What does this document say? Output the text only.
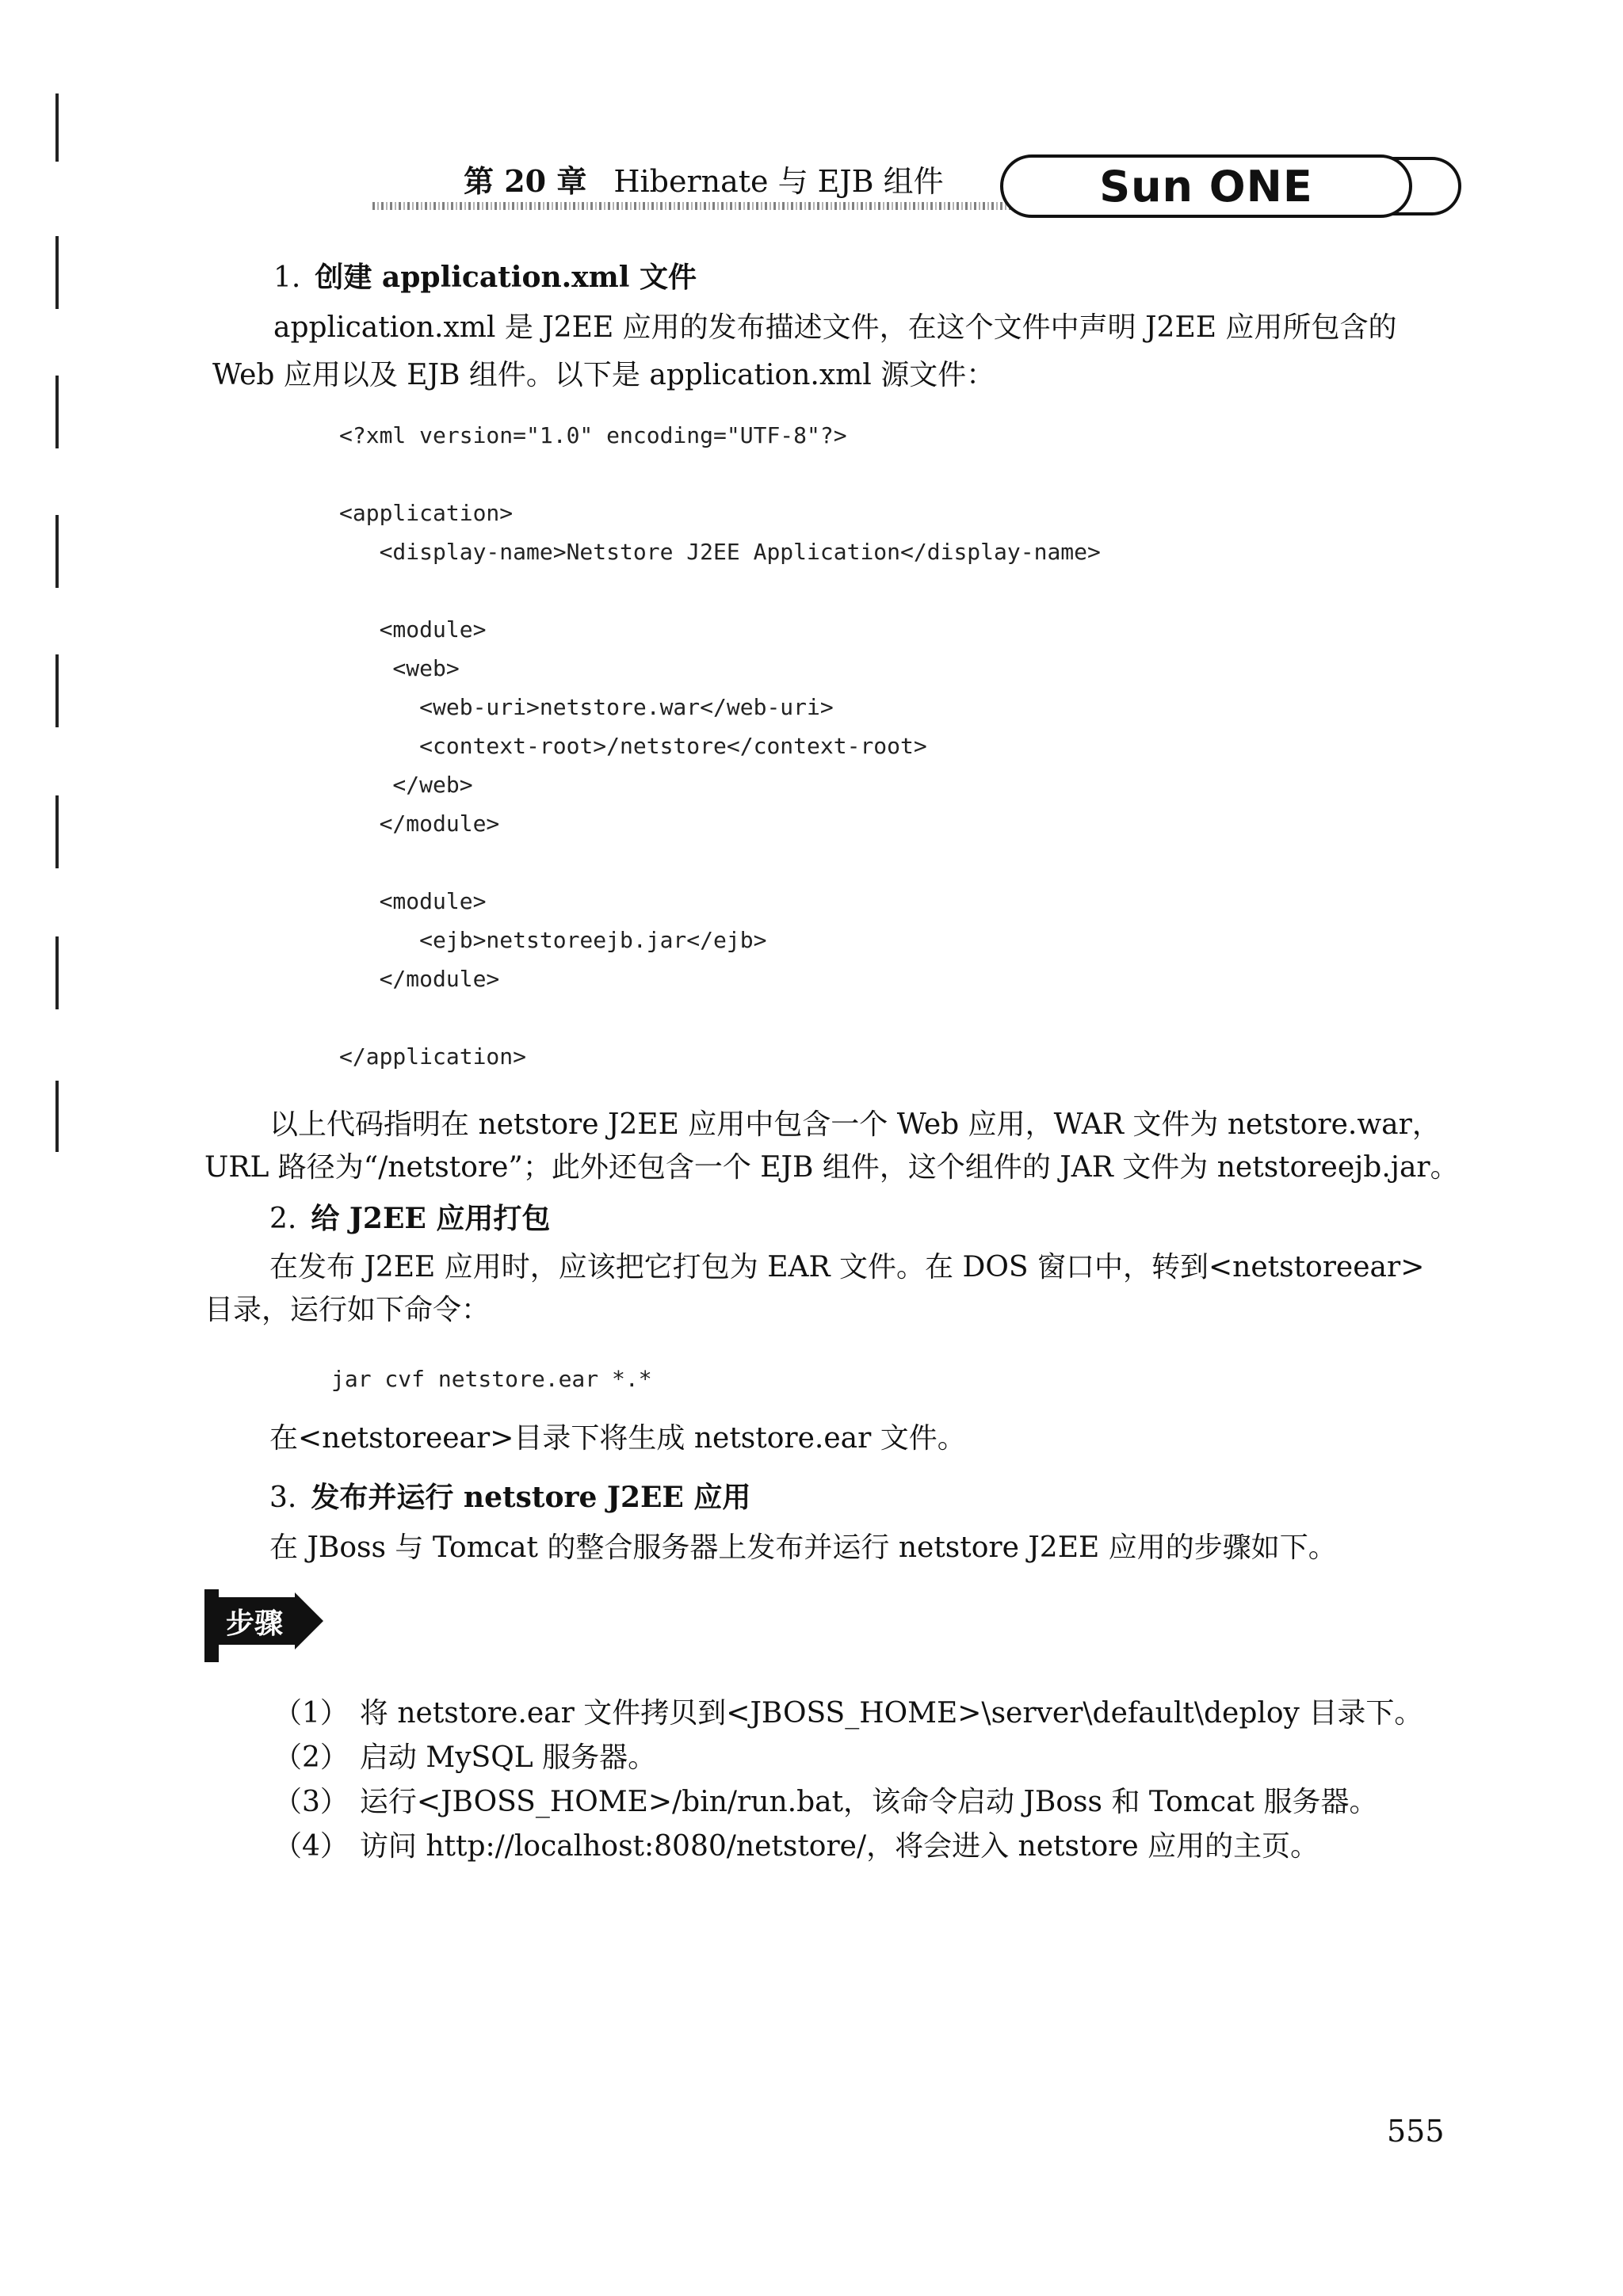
第 20 章 Hibernate 与 EJB 组件	Sun ONE
1. 创建 application.xml 文件
application.xml 是 J2EE 应用的发布描述文件，在这个文件中声明 J2EE 应用所包含的
Web 应用以及 EJB 组件。以下是 application.xml 源文件：
<?xml version="1.0" encoding="UTF-8"?>

<application>
<display-name>Netstore J2EE Application</display-name>

<module>
<web>
<web-uri>netstore.war</web-uri>
<context-root>/netstore</context-root>
</web>
</module>

<module>
<ejb>netstoreejb.jar</ejb>
</module>

</application>
以上代码指明在 netstore J2EE 应用中包含一个 Web 应用，WAR 文件为 netstore.war，
URL 路径为“/netstore”；此外还包含一个 EJB 组件，这个组件的 JAR 文件为 netstoreejb.jar。
2. 给 J2EE 应用打包
在发布 J2EE 应用时，应该把它打包为 EAR 文件。在 DOS 窗口中，转到<netstoreear>
目录，运行如下命令：
jar cvf netstore.ear *.*
在<netstoreear>目录下将生成 netstore.ear 文件。
3. 发布并运行 netstore J2EE 应用
在 JBoss 与 Tomcat 的整合服务器上发布并运行 netstore J2EE 应用的步骤如下。
步骤
（1） 将 netstore.ear 文件拷贝到<JBOSS_HOME>\server\default\deploy 目录下。
（2） 启动 MySQL 服务器。
（3） 运行<JBOSS_HOME>/bin/run.bat，该命令启动 JBoss 和 Tomcat 服务器。
（4） 访问 http://localhost:8080/netstore/，将会进入 netstore 应用的主页。
555
